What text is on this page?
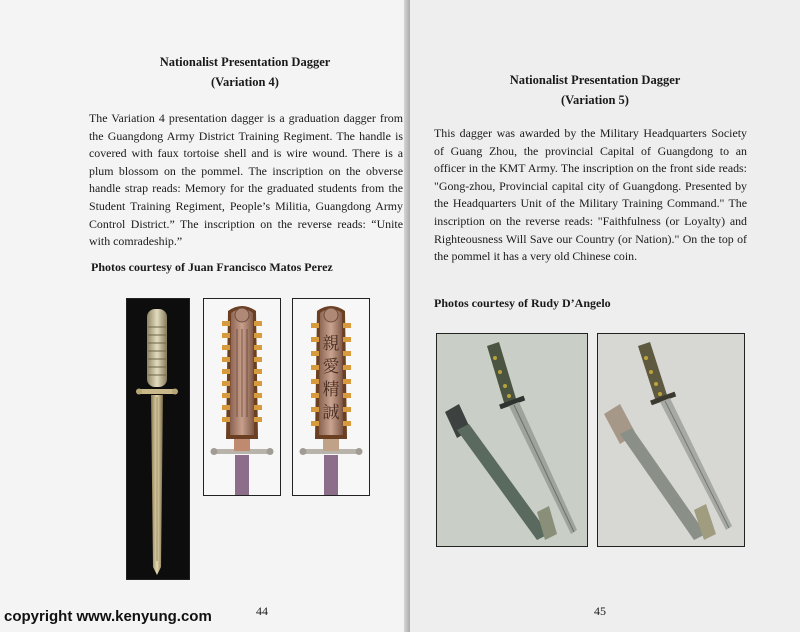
Nationalist Presentation Dagger
(Variation 4)

The Variation 4 presentation dagger is a graduation dagger from the Guangdong Army District Training Regiment. The handle is covered with faux tortoise shell and is wire wound. There is a plum blossom on the pommel. The inscription on the obverse handle strap reads: Memory for the graduated students from the Student Training Regiment, People’s Militia, Guangdong Army Control District.” The inscription on the reverse reads: “Unite with comradeship.”

Photos courtesy of Juan Francisco Matos Perez
親愛精誠
44
Nationalist Presentation Dagger
(Variation 5)

This dagger was awarded by the Military Headquarters Society of Guang Zhou, the provincial Capital of Guangdong to an officer in the KMT Army. The inscription on the front side reads: "Gong-zhou, Provincial capital city of Guangdong. Presented by the Headquarters Unit of the Military Training Command." The inscription on the reverse reads: "Faithfulness (or Loyalty) and Righteousness Will Save our Country (or Nation)." On the top of the pommel it has a very old Chinese coin.

Photos courtesy of Rudy D’Angelo
45
copyright www.kenyung.com
